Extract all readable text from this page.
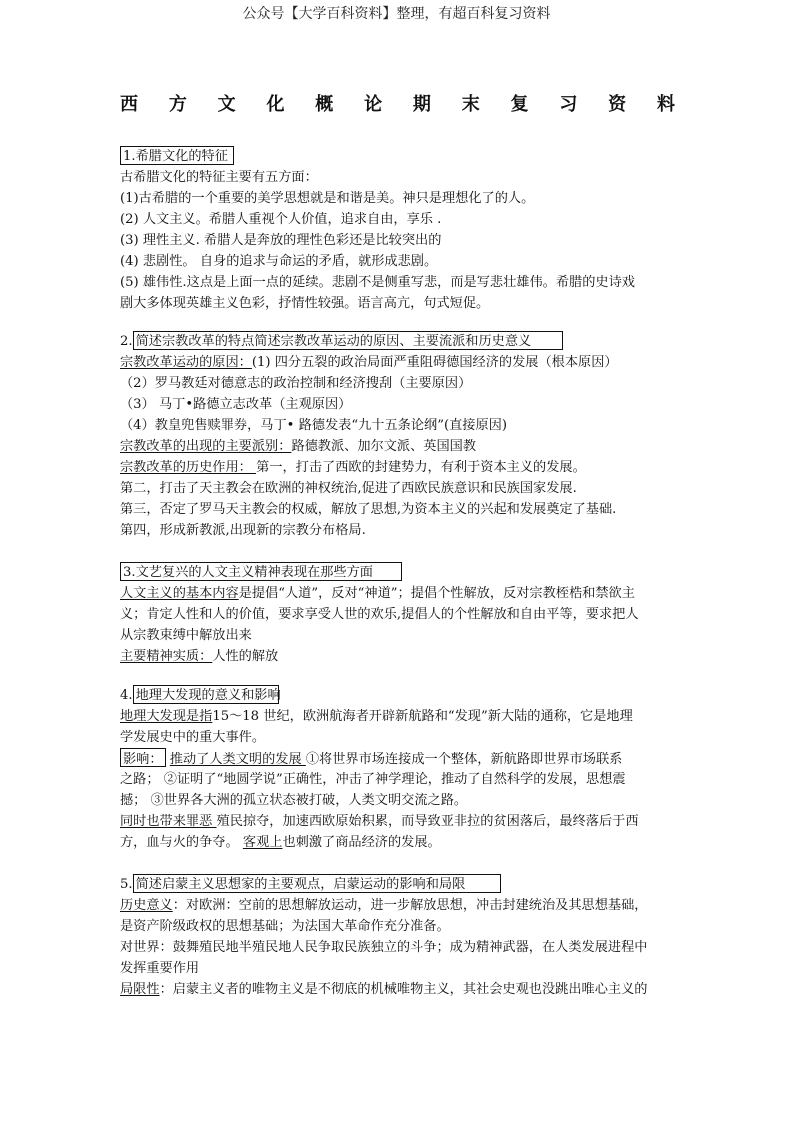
公众号【大学百科资料】整理，有超百科复习资料
西 方 文 化 概 论 期 末 复 习 资 料
1.希腊文化的特征
古希腊文化的特征主要有五方面：
(1)古希腊的一个重要的美学思想就是和谐是美。神只是理想化了的人。
(2) 人文主义。希腊人重视个人价值，追求自由，享乐 .
(3) 理性主义. 希腊人是奔放的理性色彩还是比较突出的
(4) 悲剧性。 自身的追求与命运的矛盾，就形成悲剧。
(5) 雄伟性.这点是上面一点的延续。悲剧不是侧重写悲，而是写悲壮雄伟。希腊的史诗戏
剧大多体现英雄主义色彩，抒情性较强。语言高亢，句式短促。
2. 简述宗教改革的特点简述宗教改革运动的原因、主要流派和历史意义
宗教改革运动的原因：(1) 四分五裂的政治局面严重阻碍德国经济的发展（根本原因）
（2）罗马教廷对德意志的政治控制和经济搜刮（主要原因）
（3） 马丁•路德立志改革（主观原因）
（4）教皇兜售赎罪券，马丁• 路德发表“九十五条论纲”(直接原因)
宗教改革的出现的主要派别：路德教派、加尔文派、英国国教
宗教改革的历史作用： 第一，打击了西欧的封建势力，有利于资本主义的发展。
第二，打击了天主教会在欧洲的神权统治,促进了西欧民族意识和民族国家发展.
第三，否定了罗马天主教会的权威，解放了思想,为资本主义的兴起和发展奠定了基础.
第四，形成新教派,出现新的宗教分布格局.
3.文艺复兴的人文主义精神表现在那些方面
人文主义的基本内容是提倡“人道”，反对“神道”；提倡个性解放，反对宗教桎梏和禁欲主
义；肯定人性和人的价值，要求享受人世的欢乐,提倡人的个性解放和自由平等，要求把人
从宗教束缚中解放出来
主要精神实质：人性的解放
4. 地理大发现的意义和影响
地理大发现是指15～18 世纪，欧洲航海者开辟新航路和“发现”新大陆的通称，它是地理
学发展史中的重大事件。
影响： 推动了人类文明的发展 ①将世界市场连接成一个整体，新航路即世界市场联系
之路； ②证明了“地圆学说”正确性，冲击了神学理论，推动了自然科学的发展，思想震
撼； ③世界各大洲的孤立状态被打破，人类文明交流之路。
同时也带来罪恶 殖民掠夺，加速西欧原始积累，而导致亚非拉的贫困落后，最终落后于西
方，血与火的争夺。 客观上也刺激了商品经济的发展。
5. 简述启蒙主义思想家的主要观点，启蒙运动的影响和局限
历史意义：对欧洲：空前的思想解放运动，进一步解放思想，冲击封建统治及其思想基础，
是资产阶级政权的思想基础；为法国大革命作充分准备。
对世界：鼓舞殖民地半殖民地人民争取民族独立的斗争；成为精神武器，在人类发展进程中
发挥重要作用
局限性：启蒙主义者的唯物主义是不彻底的机械唯物主义，其社会史观也没跳出唯心主义的
